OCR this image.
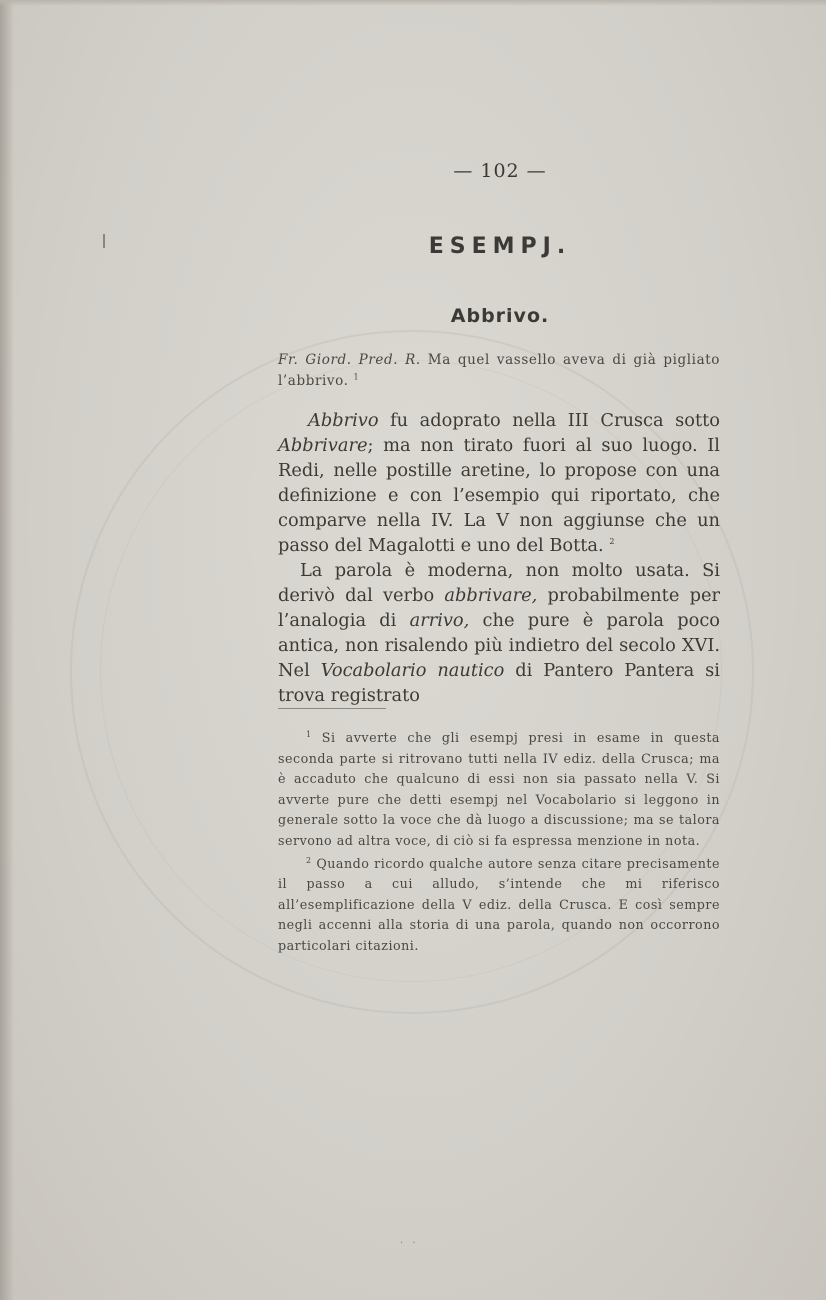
— 102 —
ESEMPJ.
Abbrivo.
Fr. Giord. Pred. R. Ma quel vassello aveva di già pigliato l’abbrivo. $^1$

Abbrivo fu adoprato nella III Crusca sotto Abbrivare; ma non tirato fuori al suo luogo. Il Redi, nelle postille aretine, lo propose con una definizione e con l’esempio qui riportato, che comparve nella IV. La V non aggiunse che un passo del Magalotti e uno del Botta. $^2$

La parola è moderna, non molto usata. Si derivò dal verbo abbrivare, probabilmente per l’analogia di arrivo, che pure è parola poco antica, non risalendo più indietro del secolo XVI. Nel Vocabolario nautico di Pantero Pantera si trova registrato

$^1$ Si avverte che gli esempj presi in esame in questa seconda parte si ritrovano tutti nella IV ediz. della Crusca; ma è accaduto che qualcuno di essi non sia passato nella V. Si avverte pure che detti esempj nel Vocabolario si leggono in generale sotto la voce che dà luogo a discussione; ma se talora servono ad altra voce, di ciò si fa espressa menzione in nota.

$^2$ Quando ricordo qualche autore senza citare precisamente il passo a cui alludo, s’intende che mi riferisco all’esemplificazione della V ediz. della Crusca. E così sempre negli accenni alla storia di una parola, quando non occorrono particolari citazioni.

· ·
